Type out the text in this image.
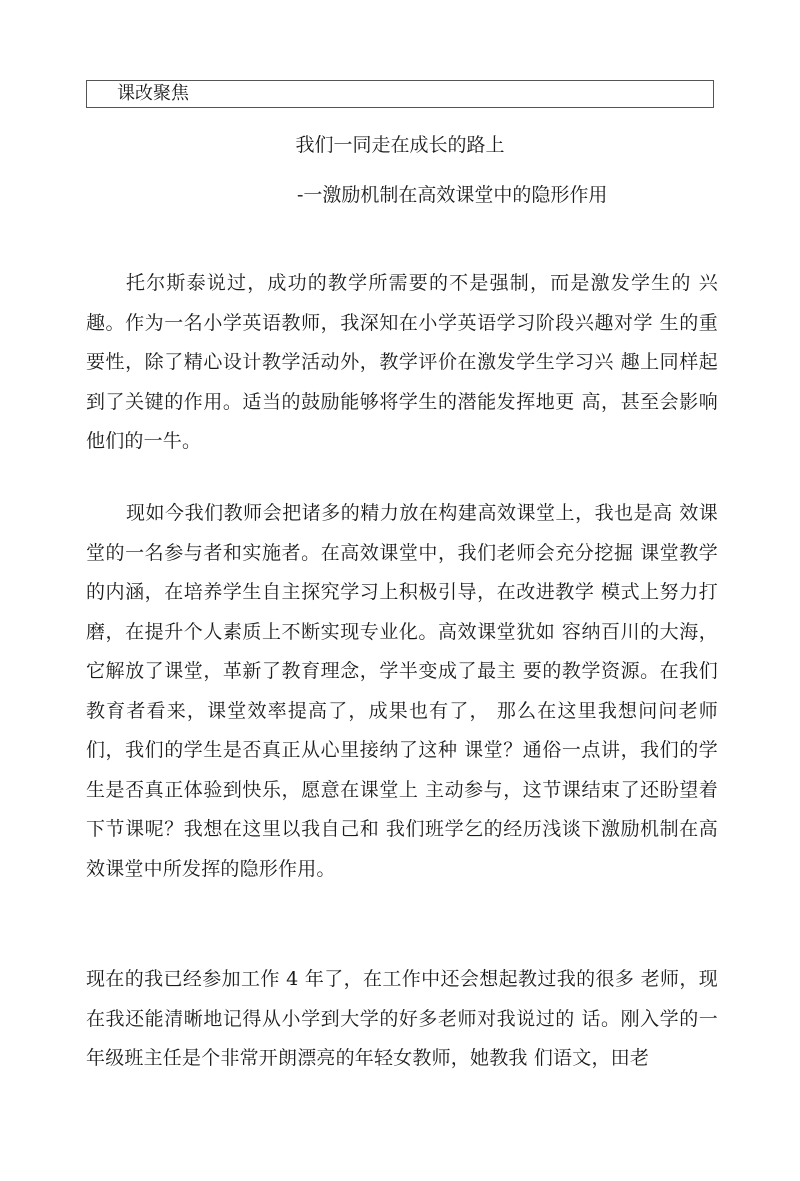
课改聚焦
我们一同走在成长的路上
-一激励机制在高效课堂中的隐形作用

托尔斯泰说过，成功的教学所需要的不是强制，而是激发学生的 兴趣。作为一名小学英语教师，我深知在小学英语学习阶段兴趣对学 生的重要性，除了精心设计教学活动外，教学评价在激发学生学习兴 趣上同样起到了关键的作用。适当的鼓励能够将学生的潜能发挥地更 高，甚至会影响他们的一牛。

现如今我们教师会把诸多的精力放在构建高效课堂上，我也是高 效课堂的一名参与者和实施者。在高效课堂中，我们老师会充分挖掘 课堂教学的内涵，在培养学生自主探究学习上积极引导，在改进教学 模式上努力打磨，在提升个人素质上不断实现专业化。高效课堂犹如 容纳百川的大海，它解放了课堂，革新了教育理念，学半变成了最主 要的教学资源。在我们教育者看来，课堂效率提高了，成果也有了， 那么在这里我想问问老师们，我们的学生是否真正从心里接纳了这种 课堂？通俗一点讲，我们的学生是否真正体验到快乐，愿意在课堂上 主动参与，这节课结束了还盼望着下节课呢？我想在这里以我自己和 我们班学乞的经历浅谈下激励机制在高效课堂中所发挥的隐形作用。

现在的我已经参加工作 4 年了，在工作中还会想起教过我的很多 老师，现在我还能清晰地记得从小学到大学的好多老师对我说过的 话。刚入学的一年级班主任是个非常开朗漂亮的年轻女教师，她教我 们语文，田老
